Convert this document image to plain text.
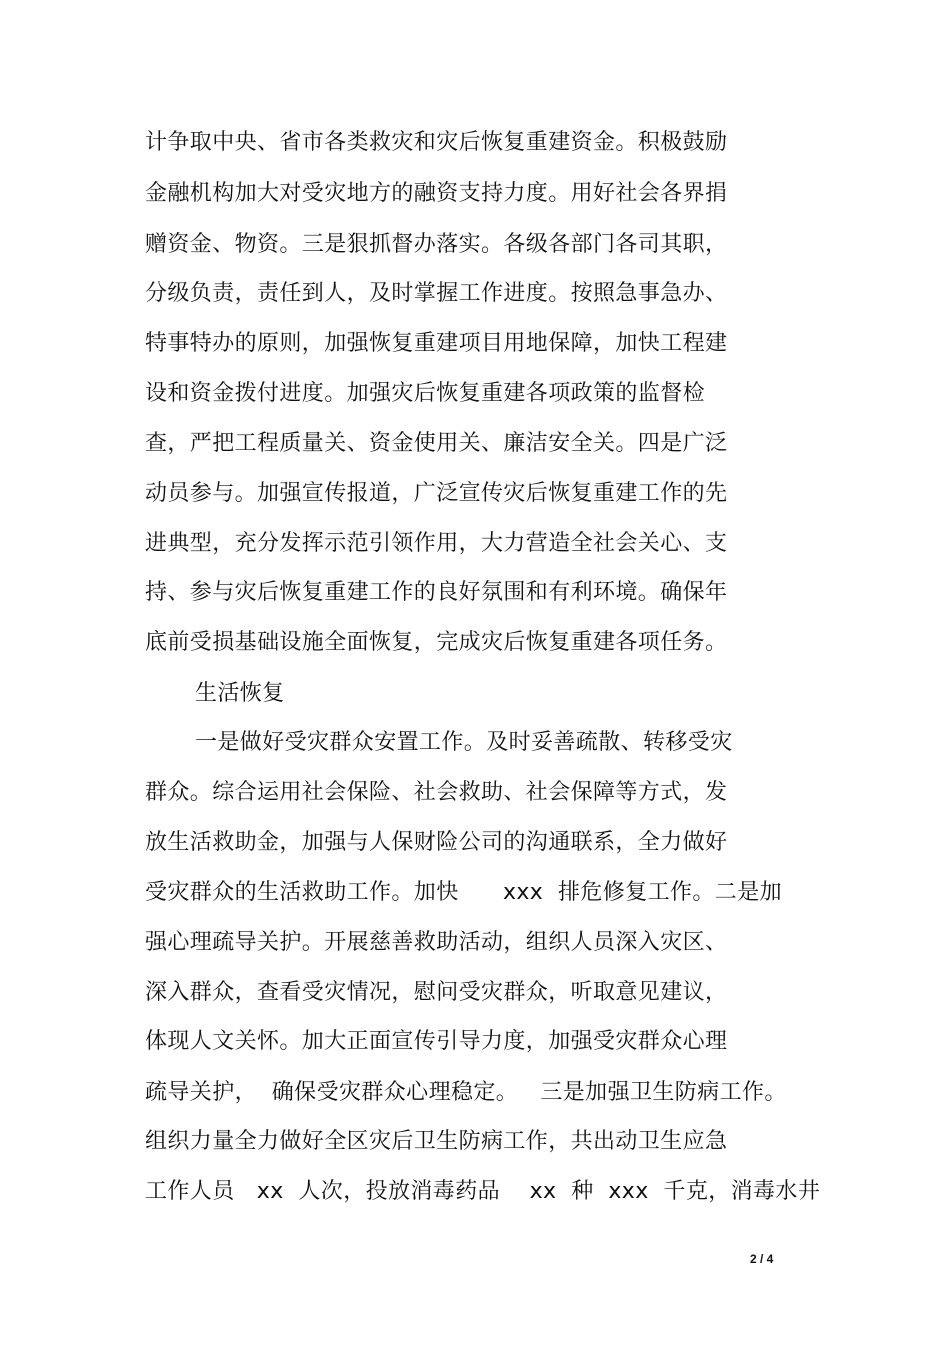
计争取中央、省市各类救灾和灾后恢复重建资金。积极鼓励
金融机构加大对受灾地方的融资支持力度。用好社会各界捐
赠资金、物资。三是狠抓督办落实。各级各部门各司其职，
分级负责，责任到人，及时掌握工作进度。按照急事急办、
特事特办的原则，加强恢复重建项目用地保障，加快工程建
设和资金拨付进度。加强灾后恢复重建各项政策的监督检
查，严把工程质量关、资金使用关、廉洁安全关。四是广泛
动员参与。加强宣传报道，广泛宣传灾后恢复重建工作的先
进典型，充分发挥示范引领作用，大力营造全社会关心、支
持、参与灾后恢复重建工作的良好氛围和有利环境。确保年
底前受损基础设施全面恢复，完成灾后恢复重建各项任务。
生活恢复
一是做好受灾群众安置工作。及时妥善疏散、转移受灾
群众。综合运用社会保险、社会救助、社会保障等方式，发
放生活救助金，加强与人保财险公司的沟通联系，全力做好
受灾群众的生活救助工作。加快      xxx  排危修复工作。二是加
强心理疏导关护。开展慈善救助活动，组织人员深入灾区、
深入群众，查看受灾情况，慰问受灾群众，听取意见建议，
体现人文关怀。加大正面宣传引导力度，加强受灾群众心理
疏导关护，  确保受灾群众心理稳定。   三是加强卫生防病工作。
组织力量全力做好全区灾后卫生防病工作，共出动卫生应急
工作人员   xx  人次，投放消毒药品    xx  种  xxx  千克，消毒水井
2 / 4
